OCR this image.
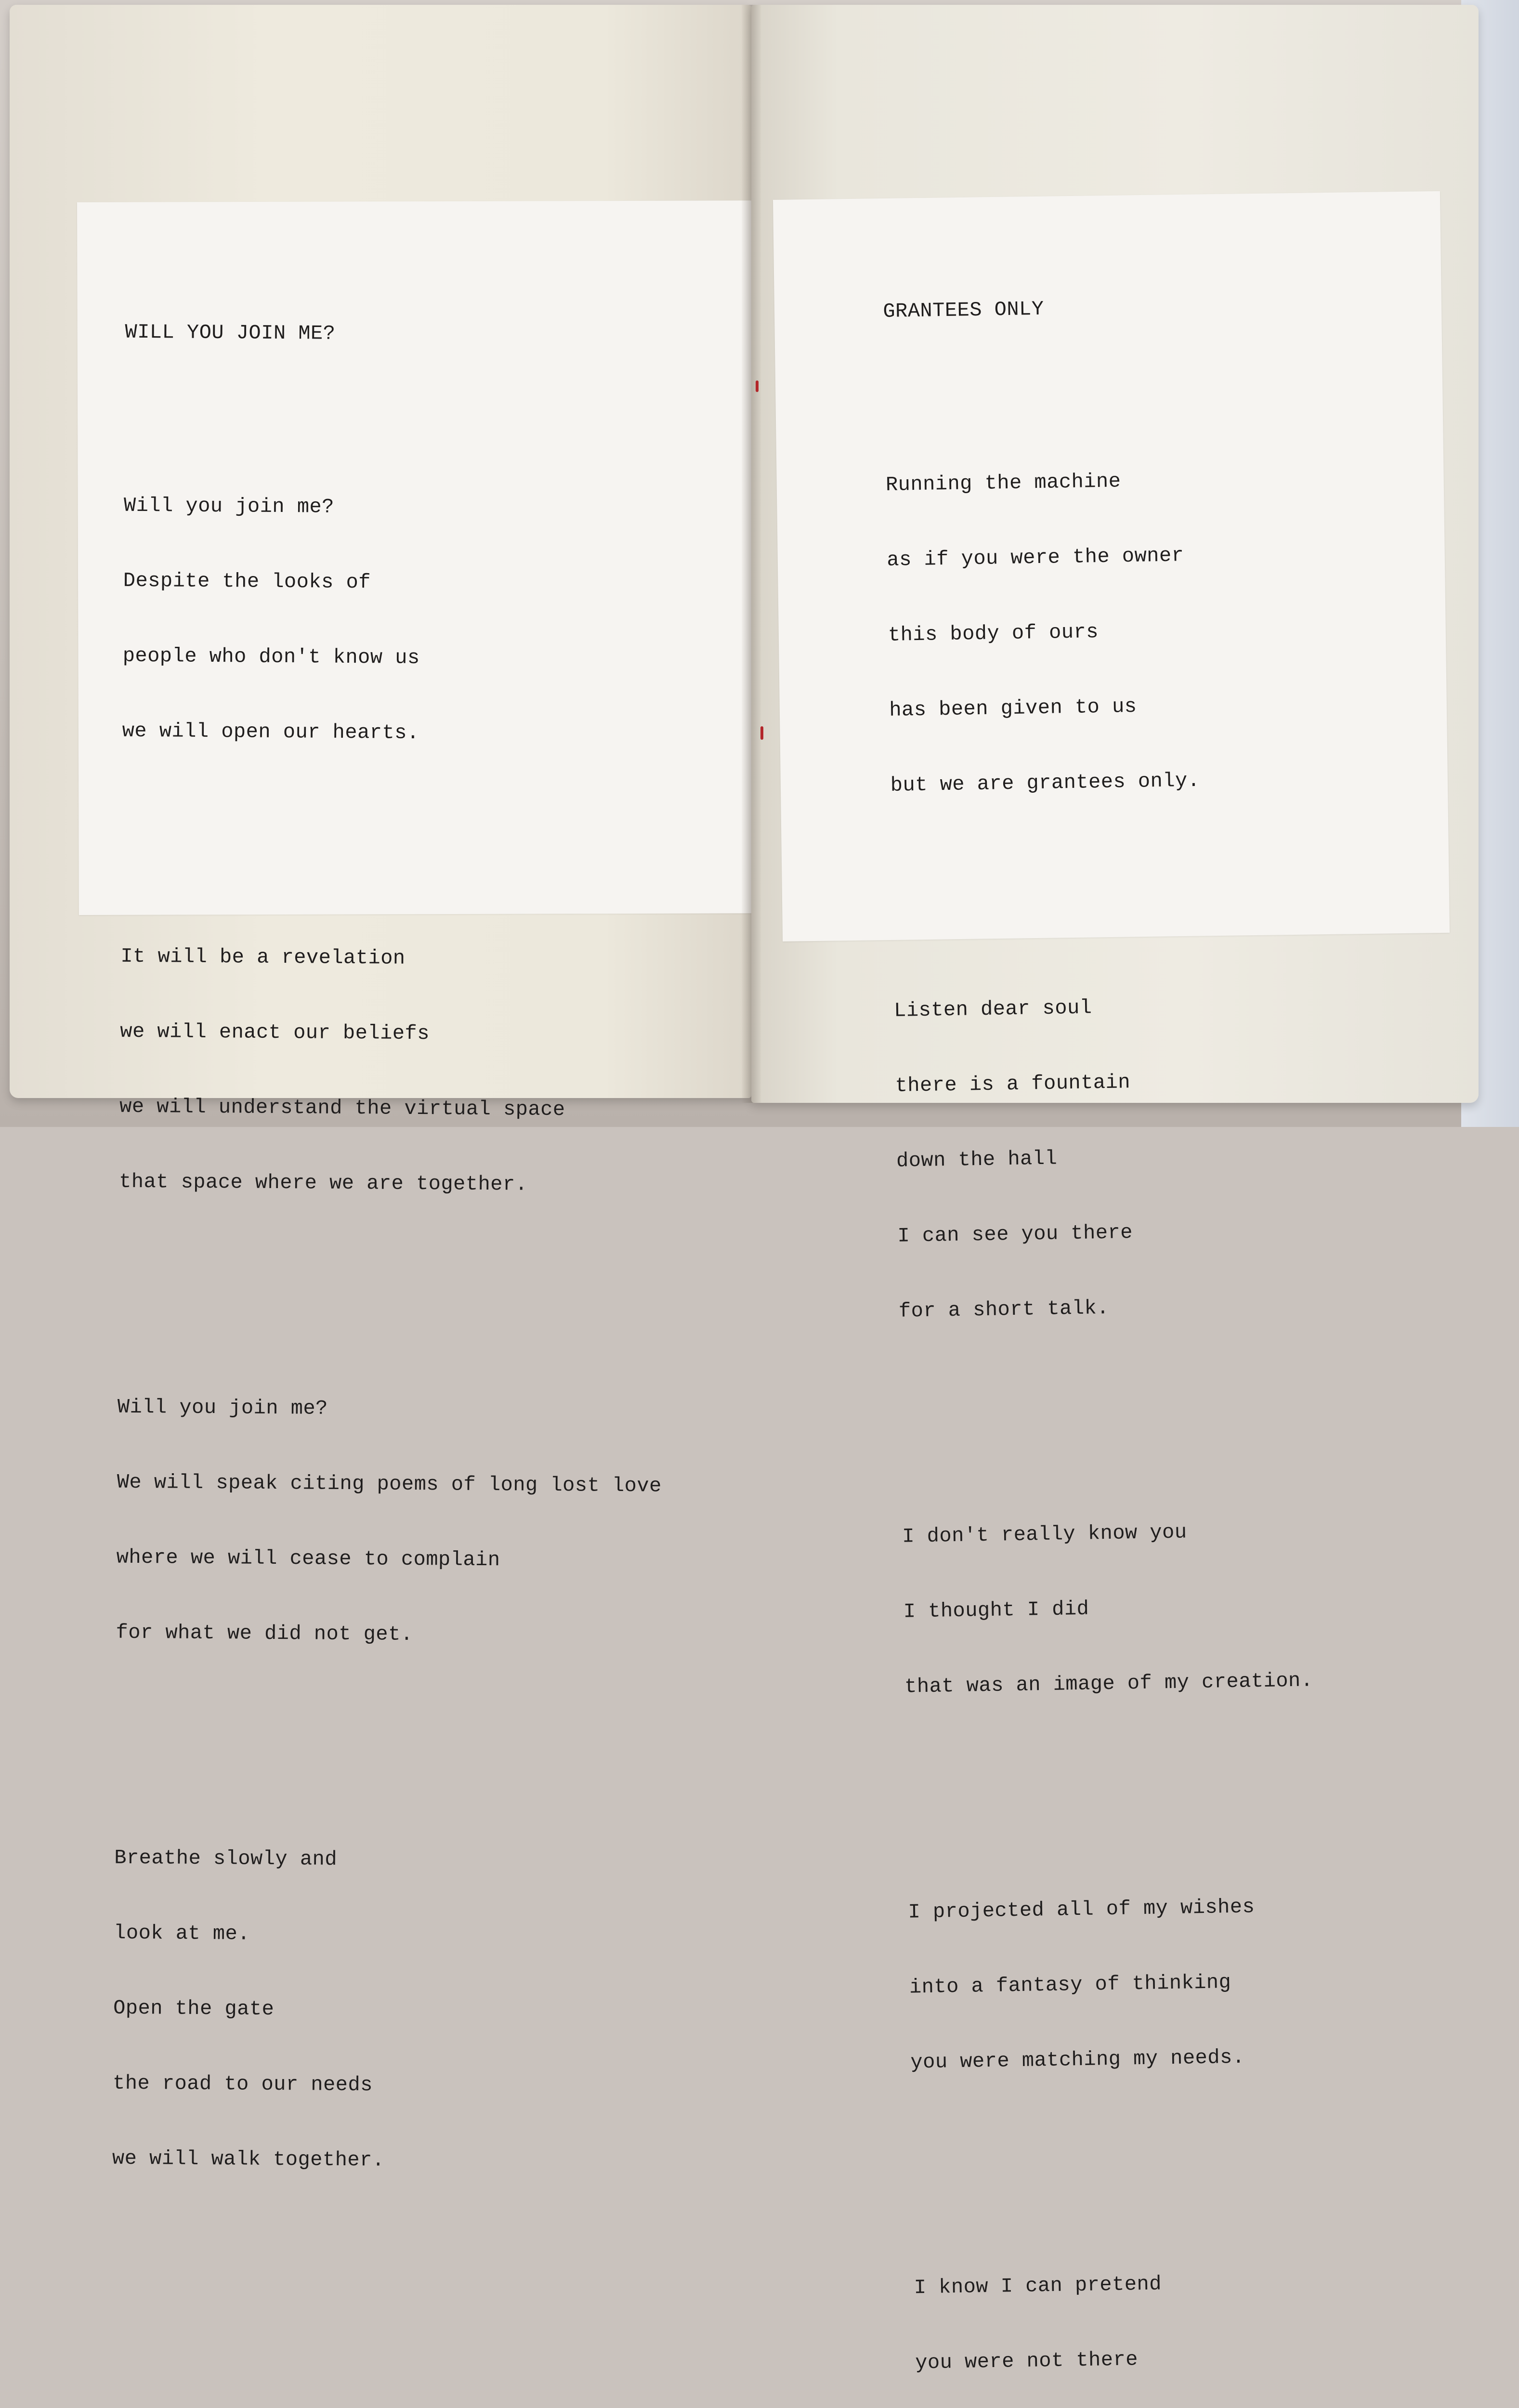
WILL YOU JOIN ME?

Will you join me?

Despite the looks of

people who don't know us

we will open our hearts.

It will be a revelation

we will enact our beliefs

we will understand the virtual space

that space where we are together.

Will you join me?

We will speak citing poems of long lost love

where we will cease to complain

for what we did not get.

Breathe slowly and

look at me.

Open the gate

the road to our needs

we will walk together.

GRANTEES ONLY

Running the machine

as if you were the owner

this body of ours

has been given to us

but we are grantees only.

Listen dear soul

there is a fountain

down the hall

I can see you there

for a short talk.

I don't really know you

I thought I did

that was an image of my creation.

I projected all of my wishes

into a fantasy of thinking

you were matching my needs.

I know I can pretend

you were not there
